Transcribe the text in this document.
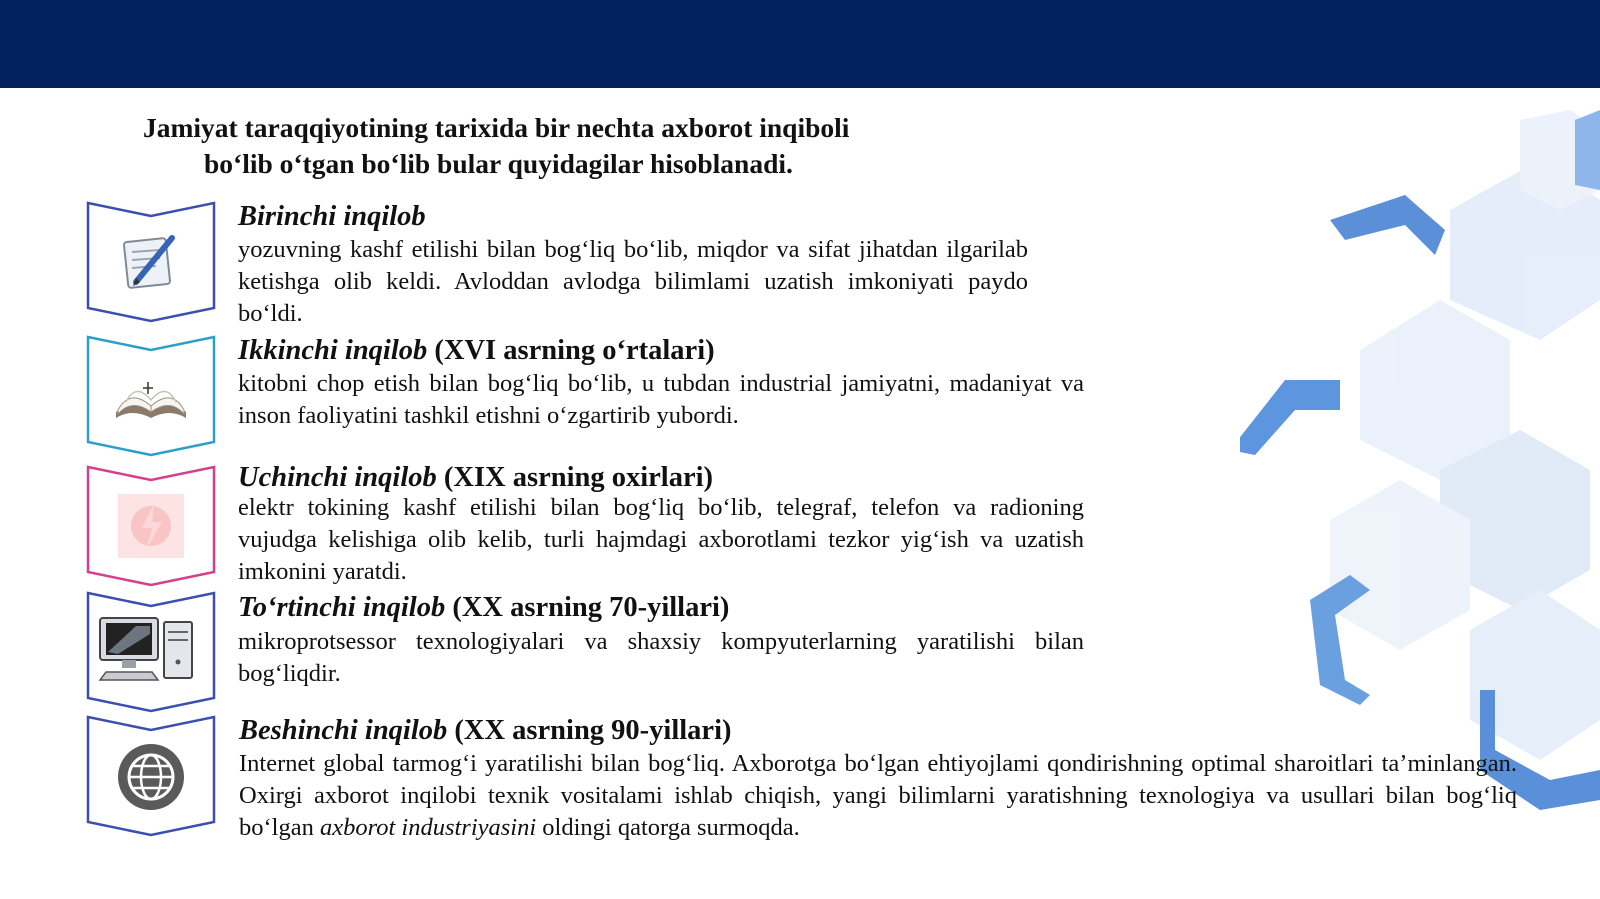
Jamiyat taraqqiyotining tarixida bir nechta axborot inqiboli
bo‘lib o‘tgan bo‘lib bular quyidagilar hisoblanadi.
Birinchi inqilob
yozuvning kashf etilishi bilan bog‘liq bo‘lib, miqdor va sifat jihatdan ilgarilab ketishga olib keldi. Avloddan avlodga bilimlami uzatish imkoniyati paydo bo‘ldi.
Ikkinchi inqilob (XVI asrning o‘rtalari)
kitobni chop etish bilan bog‘liq bo‘lib, u tubdan industrial jamiyatni, madaniyat va inson faoliyatini tashkil etishni o‘zgartirib yubordi.
Uchinchi inqilob (XIX asrning oxirlari)
elektr tokining kashf etilishi bilan bog‘liq bo‘lib, telegraf, telefon va radioning vujudga kelishiga olib kelib, turli hajmdagi axborotlami tezkor yig‘ish va uzatish imkonini yaratdi.
To‘rtinchi inqilob (XX asrning 70-yillari)
mikroprotsessor texnologiyalari va shaxsiy kompyuterlarning yaratilishi bilan bog‘liqdir.
Beshinchi inqilob (XX asrning 90-yillari)
Internet global tarmog‘i yaratilishi bilan bog‘liq. Axborotga bo‘lgan ehtiyojlami qondirishning optimal sharoitlari ta’minlangan. Oxirgi axborot inqilobi texnik vositalami ishlab chiqish, yangi bilimlarni yaratishning texnologiya va usullari bilan bog‘liq bo‘lgan axborot industriyasini oldingi qatorga surmoqda.
